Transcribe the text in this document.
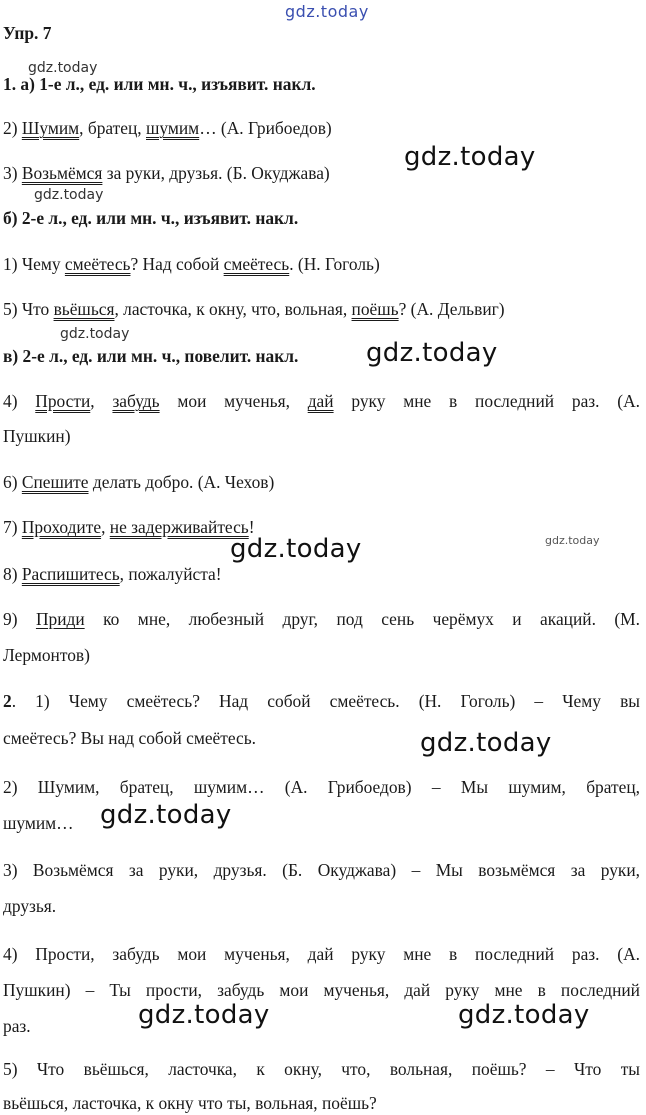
gdz.today
Упр. 7
1. а) 1-е л., ед. или мн. ч., изъявит. накл.
gdz.today
2) Шумим, братец, шумим… (А. Грибоедов)
3) Возьмёмся за руки, друзья. (Б. Окуджава)
gdz.today
gdz.today
б) 2-е л., ед. или мн. ч., изъявит. накл.
1) Чему смеётесь? Над собой смеётесь. (Н. Гоголь)
5) Что вьёшься, ласточка, к окну, что, вольная, поёшь? (А. Дельвиг)
gdz.today
в) 2-е л., ед. или мн. ч., повелит. накл.	gdz.today
4) Прости, забудь мои мученья, дай руку мне в последний раз. (А.
Пушкин)
6) Спешите делать добро. (А. Чехов)
7) Проходите, не задерживайтесь!
gdz.today
gdz.today
8) Распишитесь, пожалуйста!
9) Приди ко мне, любезный друг, под сень черёмух и акаций. (М.
Лермонтов)
2. 1) Чему смеётесь? Над собой смеётесь. (Н. Гоголь) – Чему вы
смеётесь? Вы над собой смеётесь.	gdz.today
2) Шумим, братец, шумим… (А. Грибоедов) – Мы шумим, братец,
шумим…	gdz.today
3) Возьмёмся за руки, друзья. (Б. Окуджава) – Мы возьмёмся за руки,
друзья.
4) Прости, забудь мои мученья, дай руку мне в последний раз. (А.
Пушкин) – Ты прости, забудь мои мученья, дай руку мне в последний
раз.	gdz.today	gdz.today
5) Что вьёшься, ласточка, к окну, что, вольная, поёшь? – Что ты
вьёшься, ласточка, к окну что ты, вольная, поёшь?
